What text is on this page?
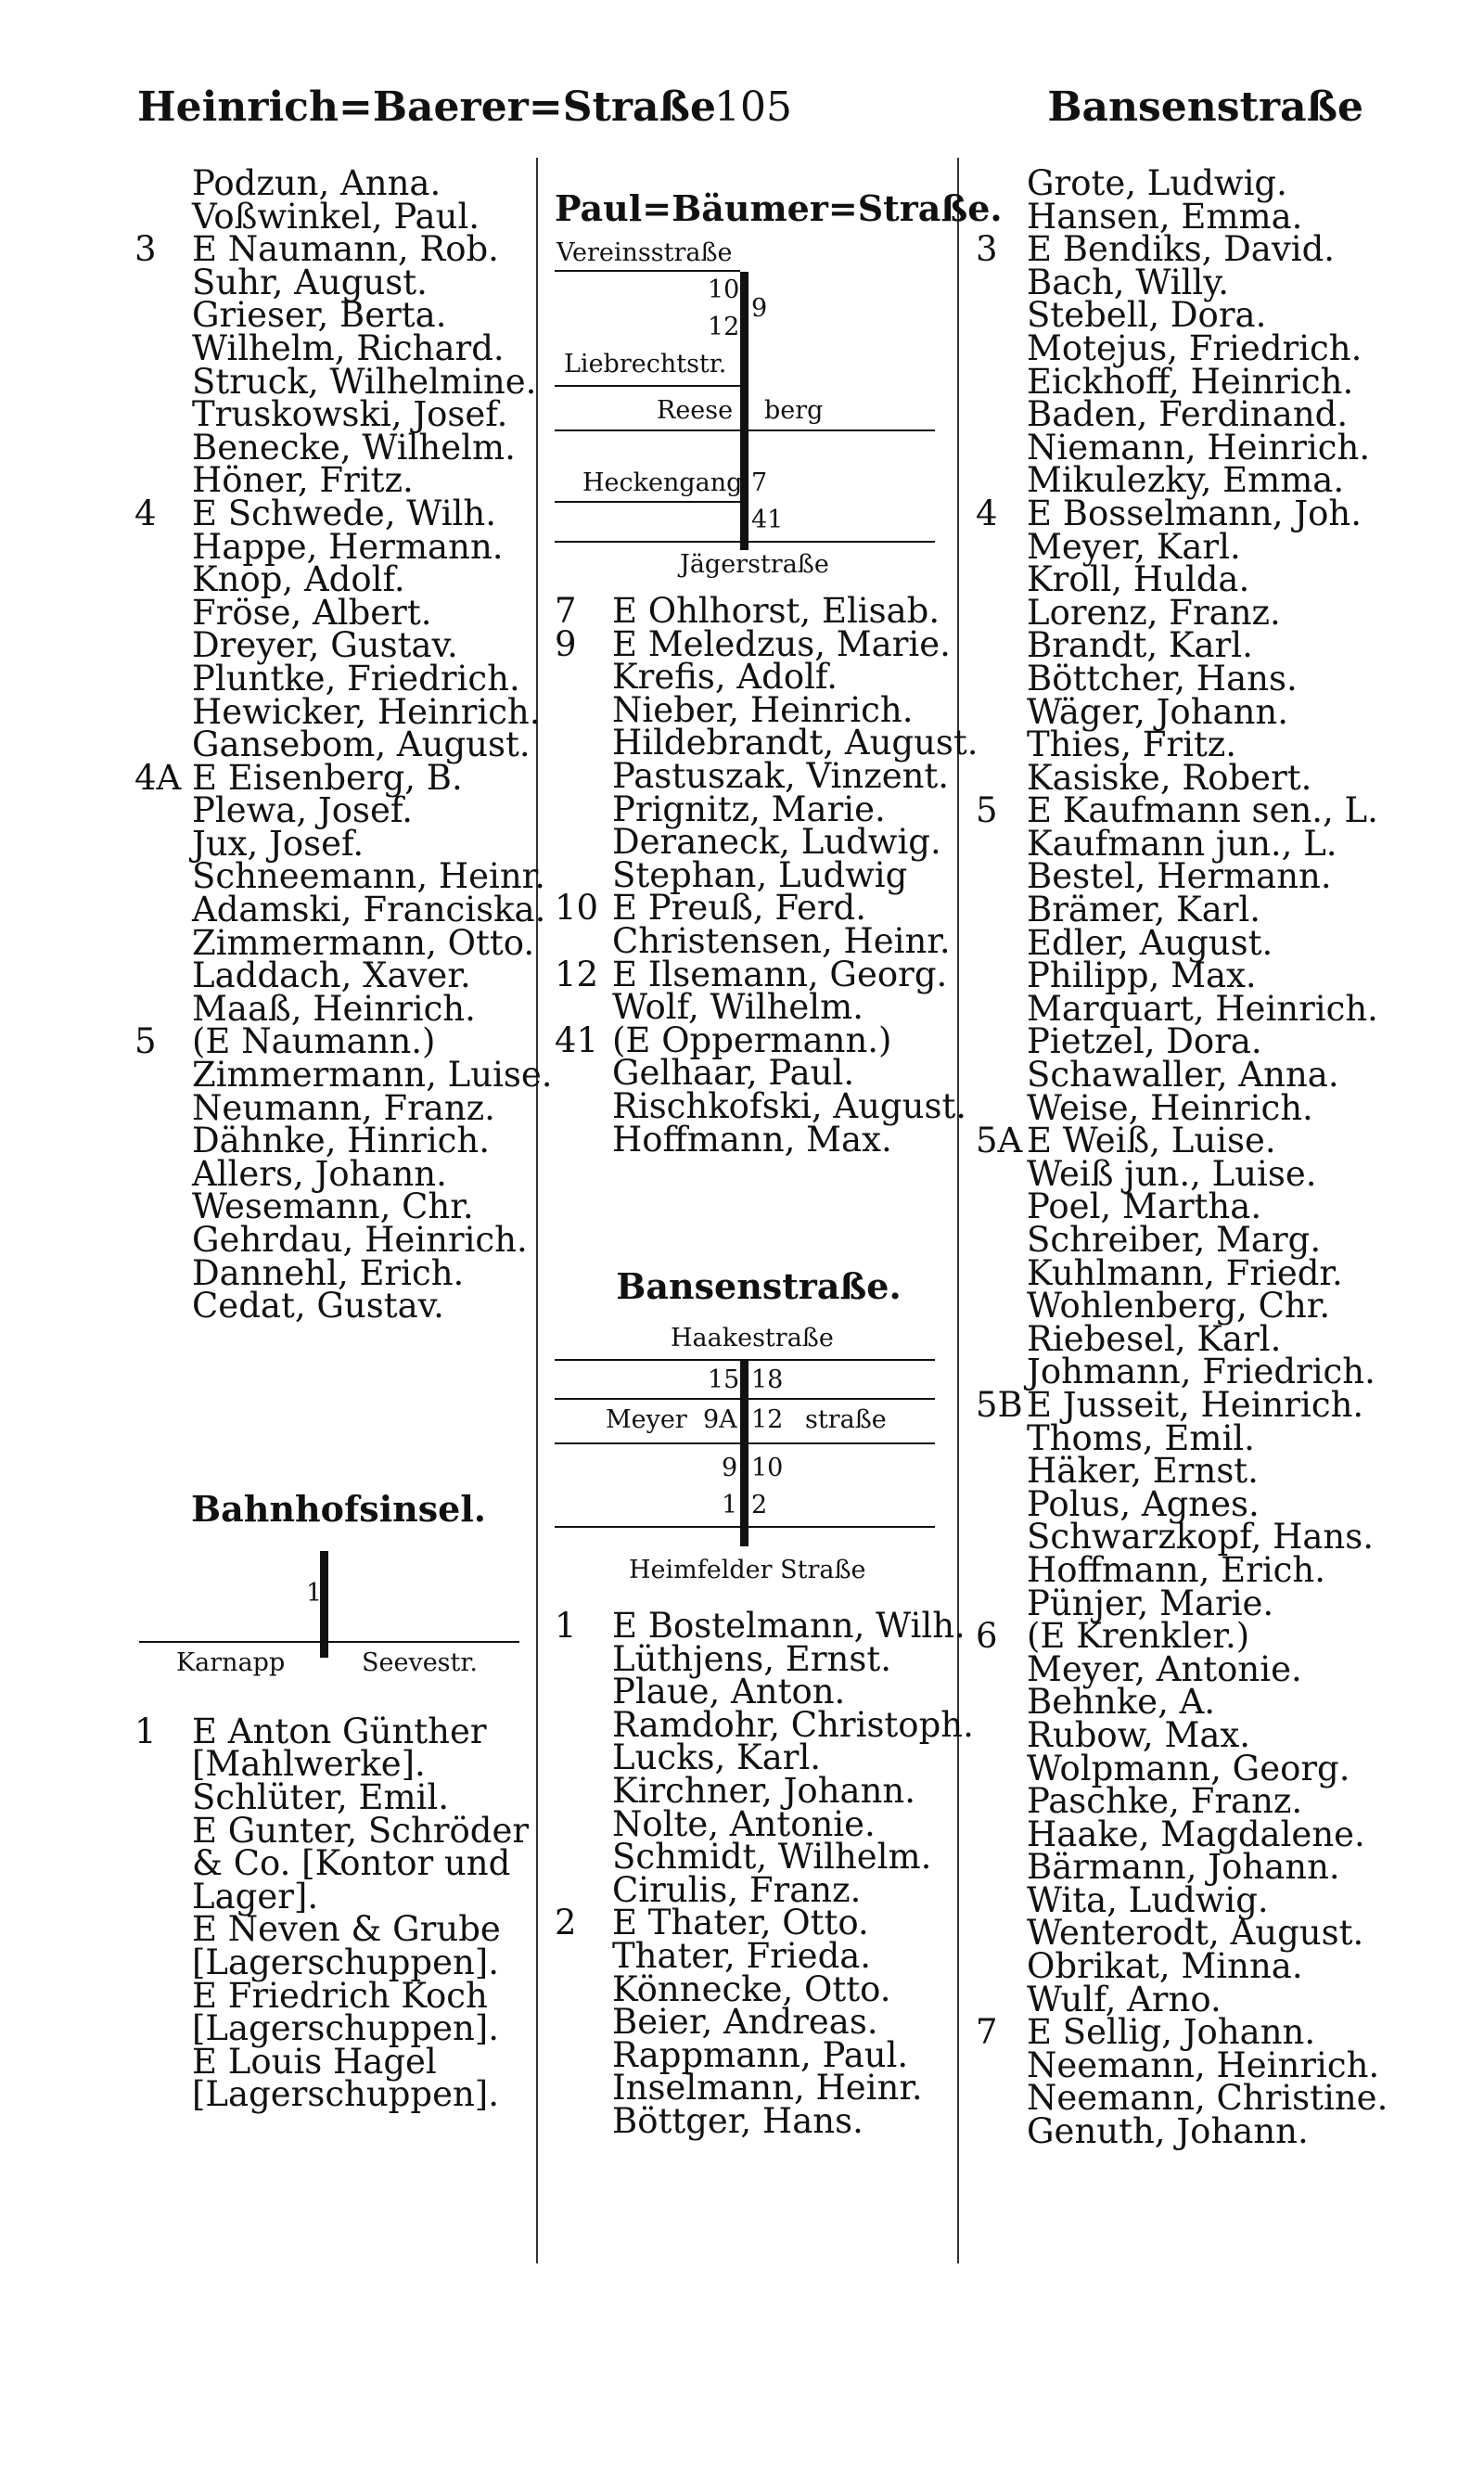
Heinrich=Baerer=Straße
105	Bansenstraße
Podzun, Anna.
Voßwinkel, Paul.
3 E Naumann, Rob.
Suhr, August.
Grieser, Berta.
Wilhelm, Richard.
Struck, Wilhelmine.
Truskowski, Josef.
Benecke, Wilhelm.
Höner, Fritz.
4 E Schwede, Wilh.
Happe, Hermann.
Knop, Adolf.
Fröse, Albert.
Dreyer, Gustav.
Pluntke, Friedrich.
Hewicker, Heinrich.
Gansebom, August.
4A E Eisenberg, B.
Plewa, Josef.
Jux, Josef.
Schneemann, Heinr.
Adamski, Franciska.
Zimmermann, Otto.
Laddach, Xaver.
Maaß, Heinrich.
5 (E Naumann.)
Zimmermann, Luise.
Neumann, Franz.
Dähnke, Hinrich.
Allers, Johann.
Wesemann, Chr.
Gehrdau, Heinrich.
Dannehl, Erich.
Cedat, Gustav.
Bahnhofsinsel.
1
Karnapp	Seevestr.
1 E Anton Günther
[Mahlwerke].
Schlüter, Emil.
E Gunter, Schröder
& Co. [Kontor und
Lager].
E Neven & Grube
[Lagerschuppen].
E Friedrich Koch
[Lagerschuppen].
E Louis Hagel
[Lagerschuppen].
Paul=Bäumer=Straße.
Vereinsstraße
10
12
9
Liebrechtstr.
Reese berg
Heckengang 7
41
Jägerstraße
7 E Ohlhorst, Elisab.
9 E Meledzus, Marie.
Krefis, Adolf.
Nieber, Heinrich.
Hildebrandt, August.
Pastuszak, Vinzent.
Prignitz, Marie.
Deraneck, Ludwig.
Stephan, Ludwig
10 E Preuß, Ferd.
Christensen, Heinr.
12 E Ilsemann, Georg.
Wolf, Wilhelm.
41 (E Oppermann.)
Gelhaar, Paul.
Rischkofski, August.
Hoffmann, Max.
Bansenstraße.
Haakestraße
15 18
Meyer 9A 12 straße
9 10
1 2
Heimfelder Straße
1 E Bostelmann, Wilh.
Lüthjens, Ernst.
Plaue, Anton.
Ramdohr, Christoph.
Lucks, Karl.
Kirchner, Johann.
Nolte, Antonie.
Schmidt, Wilhelm.
Cirulis, Franz.
2 E Thater, Otto.
Thater, Frieda.
Könnecke, Otto.
Beier, Andreas.
Rappmann, Paul.
Inselmann, Heinr.
Böttger, Hans.
Grote, Ludwig.
Hansen, Emma.
3 E Bendiks, David.
Bach, Willy.
Stebell, Dora.
Motejus, Friedrich.
Eickhoff, Heinrich.
Baden, Ferdinand.
Niemann, Heinrich.
Mikulezky, Emma.
4 E Bosselmann, Joh.
Meyer, Karl.
Kroll, Hulda.
Lorenz, Franz.
Brandt, Karl.
Böttcher, Hans.
Wäger, Johann.
Thies, Fritz.
Kasiske, Robert.
5 E Kaufmann sen., L.
Kaufmann jun., L.
Bestel, Hermann.
Brämer, Karl.
Edler, August.
Philipp, Max.
Marquart, Heinrich.
Pietzel, Dora.
Schawaller, Anna.
Weise, Heinrich.
5A E Weiß, Luise.
Weiß jun., Luise.
Poel, Martha.
Schreiber, Marg.
Kuhlmann, Friedr.
Wohlenberg, Chr.
Riebesel, Karl.
Johmann, Friedrich.
5B E Jusseit, Heinrich.
Thoms, Emil.
Häker, Ernst.
Polus, Agnes.
Schwarzkopf, Hans.
Hoffmann, Erich.
Pünjer, Marie.
6 (E Krenkler.)
Meyer, Antonie.
Behnke, A.
Rubow, Max.
Wolpmann, Georg.
Paschke, Franz.
Haake, Magdalene.
Bärmann, Johann.
Wita, Ludwig.
Wenterodt, August.
Obrikat, Minna.
Wulf, Arno.
7 E Sellig, Johann.
Neemann, Heinrich.
Neemann, Christine.
Genuth, Johann.
